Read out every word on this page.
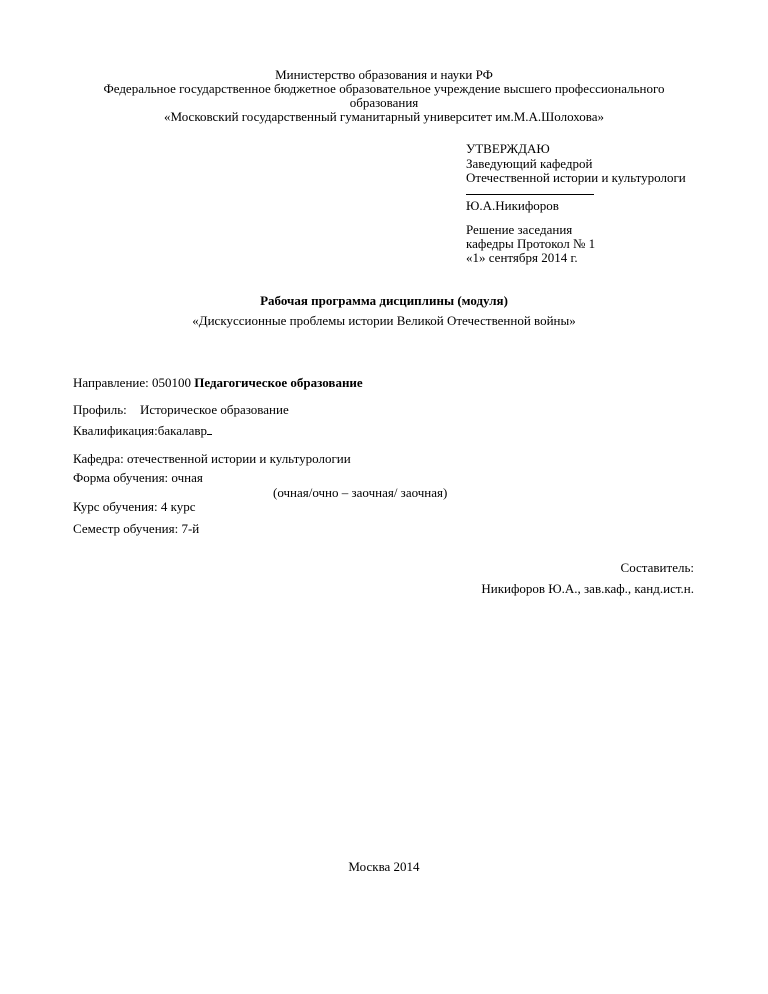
Министерство образования и науки РФ
Федеральное государственное бюджетное образовательное учреждение высшего профессионального
образования
«Московский государственный гуманитарный университет им.М.А.Шолохова»
УТВЕРЖДАЮ
Заведующий кафедрой
Отечественной истории и культурологи
Ю.А.Никифоров
Решение заседания
кафедры Протокол № 1
«1» сентября 2014 г.
Рабочая программа дисциплины (модуля)
«Дискуссионные проблемы истории Великой Отечественной войны»
Направление: 050100 Педагогическое образование
Профиль: Историческое образование
Квалификация:бакалавр
Кафедра: отечественной истории и культурологии
Форма обучения: очная
(очная/очно – заочная/ заочная)
Курс обучения: 4 курс
Семестр обучения: 7-й
Составитель:
Никифоров Ю.А., зав.каф., канд.ист.н.
Москва 2014
